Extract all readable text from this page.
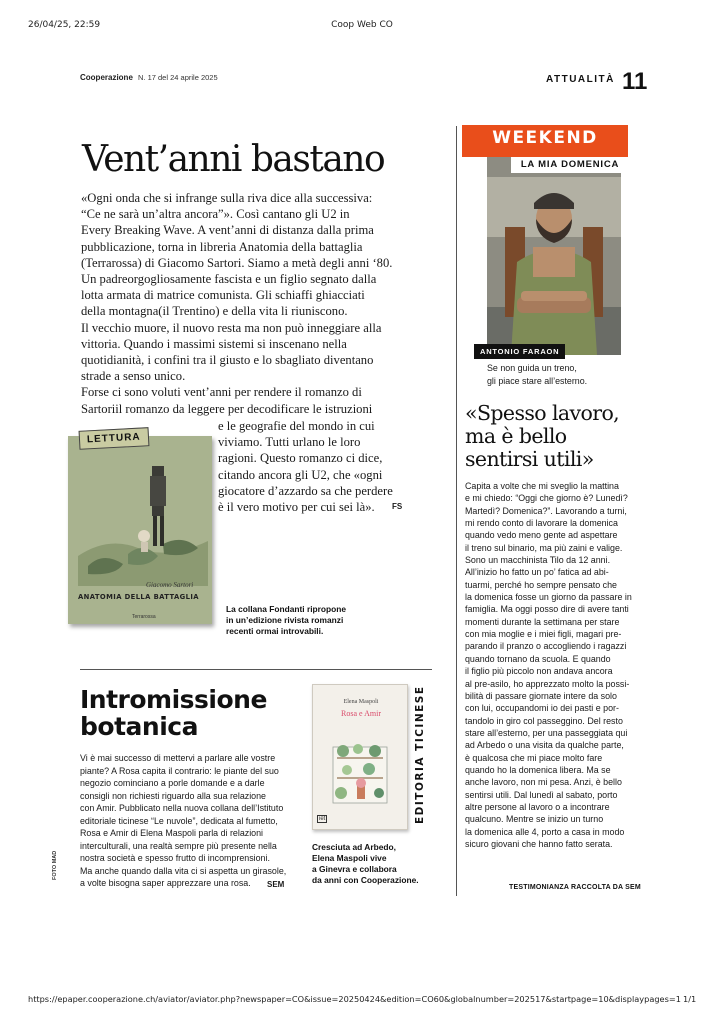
26/04/25, 22:59	Coop Web CO
Cooperazione N. 17 del 24 aprile 2025	ATTUALITÀ 11
Vent’anni bastano
«Ogni onda che si infrange sulla riva dice alla successiva:
“Ce ne sarà un’altra ancora”». Così cantano gli U2 in
Every Breaking Wave. A vent’anni di distanza dalla prima
pubblicazione, torna in libreria Anatomia della battaglia
(Terrarossa) di Giacomo Sartori. Siamo a metà degli anni ‘80.
Un padreorgogliosamente fascista e un figlio segnato dalla
lotta armata di matrice comunista. Gli schiaffi ghiacciati
della montagna(il Trentino) e della vita li riuniscono.
Il vecchio muore, il nuovo resta ma non può inneggiare alla
vittoria. Quando i massimi sistemi si inscenano nella
quotidianità, i confini tra il giusto e lo sbagliato diventano
strade a senso unico.
Forse ci sono voluti vent’anni per rendere il romanzo di
Sartoriil romanzo da leggere per decodificare le istruzioni
e le geografie del mondo in cui
viviamo. Tutti urlano le loro
ragioni. Questo romanzo ci dice,
citando ancora gli U2, che «ogni
giocatore d’azzardo sa che perdere
è il vero motivo per cui sei là».	FS
Giacomo Sartori
ANATOMIA DELLA BATTAGLIA
Terrarossa
LETTURA
La collana Fondanti ripropone
in un’edizione rivista romanzi
recenti ormai introvabili.
Intromissione
botanica
Vi è mai successo di mettervi a parlare alle vostre
piante? A Rosa capita il contrario: le piante del suo
negozio cominciano a porle domande e a darle
consigli non richiesti riguardo alla sua relazione
con Amir. Pubblicato nella nuova collana dell’Istituto
editoriale ticinese “Le nuvole”, dedicata al fumetto,
Rosa e Amir di Elena Maspoli parla di relazioni
interculturali, una realtà sempre più presente nella
nostra società e spesso frutto di incomprensioni.
Ma anche quando dalla vita ci si aspetta un girasole,
a volte bisogna saper apprezzare una rosa.	SEM
FOTO MAD
Elena Maspoli
Rosa e Amir
iet	EDITORIA TICINESE
Cresciuta ad Arbedo,
Elena Maspoli vive
a Ginevra e collabora
da anni con Cooperazione.
WEEKEND
LA MIA DOMENICA
ANTONIO FARAON
Se non guida un treno,
gli piace stare all’esterno.
«Spesso lavoro,
ma è bello
sentirsi utili»
Capita a volte che mi sveglio la mattina
e mi chiedo: “Oggi che giorno è? Lunedì?
Martedì? Domenica?”. Lavorando a turni,
mi rendo conto di lavorare la domenica
quando vedo meno gente ad aspettare
il treno sul binario, ma più zaini e valige.
Sono un macchinista Tilo da 12 anni.
All’inizio ho fatto un po’ fatica ad abi-
tuarmi, perché ho sempre pensato che
la domenica fosse un giorno da passare in
famiglia. Ma oggi posso dire di avere tanti
momenti durante la settimana per stare
con mia moglie e i miei figli, magari pre-
parando il pranzo o accogliendo i ragazzi
quando tornano da scuola. E quando
il figlio più piccolo non andava ancora
al pre-asilo, ho apprezzato molto la possi-
bilità di passare giornate intere da solo
con lui, occupandomi io dei pasti e por-
tandolo in giro col passeggino. Del resto
stare all’esterno, per una passeggiata qui
ad Arbedo o una visita da qualche parte,
è qualcosa che mi piace molto fare
quando ho la domenica libera. Ma se
anche lavoro, non mi pesa. Anzi, è bello
sentirsi utili. Dal lunedì al sabato, porto
altre persone al lavoro o a incontrare
qualcuno. Mentre se inizio un turno
la domenica alle 4, porto a casa in modo
sicuro giovani che hanno fatto serata.
TESTIMONIANZA RACCOLTA DA SEM
https://epaper.cooperazione.ch/aviator/aviator.php?newspaper=CO&issue=20250424&edition=CO60&globalnumber=202517&startpage=10&displaypages=1 1/1
